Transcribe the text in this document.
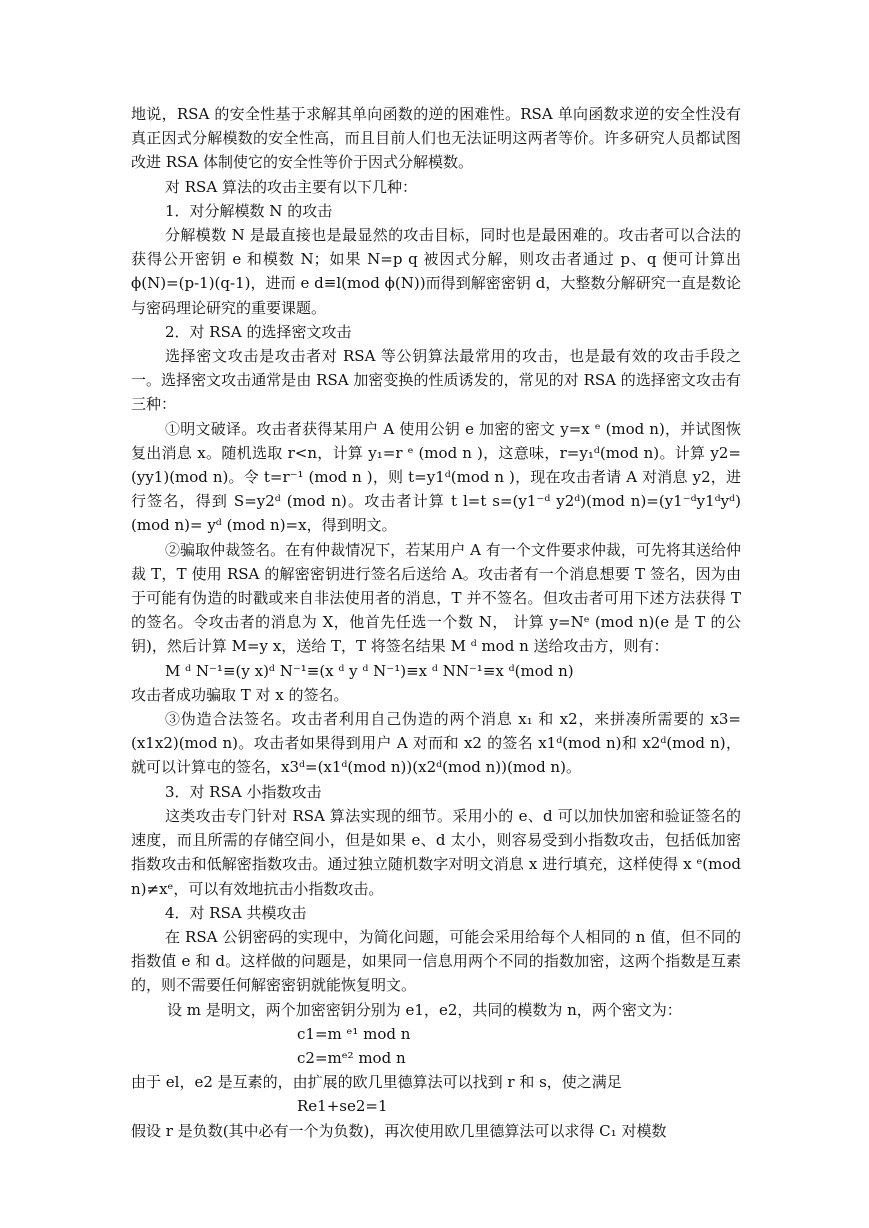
地说，RSA 的安全性基于求解其单向函数的逆的困难性。RSA 单向函数求逆的安全性没有真正因式分解模数的安全性高，而且目前人们也无法证明这两者等价。许多研究人员都试图改进 RSA 体制使它的安全性等价于因式分解模数。

对 RSA 算法的攻击主要有以下几种：

1．对分解模数 N 的攻击

分解模数 N 是最直接也是最显然的攻击目标，同时也是最困难的。攻击者可以合法的获得公开密钥 e 和模数 N；如果 N=p q 被因式分解，则攻击者通过 p、q 便可计算出 ϕ(N)=(p-1)(q-1)，进而 e d≡l(mod ϕ(N))而得到解密密钥 d，大整数分解研究一直是数论与密码理论研究的重要课题。

2．对 RSA 的选择密文攻击

选择密文攻击是攻击者对 RSA 等公钥算法最常用的攻击，也是最有效的攻击手段之一。选择密文攻击通常是由 RSA 加密变换的性质诱发的，常见的对 RSA 的选择密文攻击有三种：

①明文破译。攻击者获得某用户 A 使用公钥 e 加密的密文 y=x ᵉ (mod n)，并试图恢复出消息 x。随机选取 r<n，计算 y₁=r ᵉ (mod n )，这意味，r=y₁ᵈ(mod n)。计算 y2=(yy1)(mod n)。令 t=r⁻¹ (mod n )，则 t=y1ᵈ(mod n )，现在攻击者请 A 对消息 y2，进行签名，得到 S=y2ᵈ (mod n)。攻击者计算 t l=t s=(y1⁻ᵈ y2ᵈ)(mod n)=(y1⁻ᵈy1ᵈyᵈ)(mod n)= yᵈ (mod n)=x，得到明文。

②骗取仲裁签名。在有仲裁情况下，若某用户 A 有一个文件要求仲裁，可先将其送给仲裁 T，T 使用 RSA 的解密密钥进行签名后送给 A。攻击者有一个消息想要 T 签名，因为由于可能有伪造的时戳或来自非法使用者的消息，T 并不签名。但攻击者可用下述方法获得 T 的签名。令攻击者的消息为 X，他首先任选一个数 N， 计算 y=Nᵉ (mod n)(e 是 T 的公钥)，然后计算 M=y x，送给 T，T 将签名结果 M ᵈ mod n 送给攻击方，则有：

M ᵈ N⁻¹≡(y x)ᵈ N⁻¹≡(x ᵈ y ᵈ N⁻¹)≡x ᵈ NN⁻¹≡x ᵈ(mod n)

攻击者成功骗取 T 对 x 的签名。

③伪造合法签名。攻击者利用自己伪造的两个消息 x₁ 和 x2，来拼凑所需要的 x3=(x1x2)(mod n)。攻击者如果得到用户 A 对而和 x2 的签名 x1ᵈ(mod n)和 x2ᵈ(mod n)，就可以计算屯的签名，x3ᵈ=(x1ᵈ(mod n))(x2ᵈ(mod n))(mod n)。

3．对 RSA 小指数攻击

这类攻击专门针对 RSA 算法实现的细节。采用小的 e、d 可以加快加密和验证签名的速度，而且所需的存储空间小，但是如果 e、d 太小，则容易受到小指数攻击，包括低加密指数攻击和低解密指数攻击。通过独立随机数字对明文消息 x 进行填充，这样使得 x ᵉ(mod n)≠xᵉ，可以有效地抗击小指数攻击。

4．对 RSA 共模攻击

在 RSA 公钥密码的实现中，为简化问题，可能会采用给每个人相同的 n 值，但不同的指数值 e 和 d。这样做的问题是，如果同一信息用两个不同的指数加密，这两个指数是互素的，则不需要任何解密密钥就能恢复明文。

设 m 是明文，两个加密密钥分别为 e1，e2，共同的模数为 n，两个密文为：

c1=m ᵉ¹ mod n

c2=mᵉ² mod n

由于 el，e2 是互素的，由扩展的欧几里德算法可以找到 r 和 s，使之满足

Re1+se2=1

假设 r 是负数(其中必有一个为负数)，再次使用欧几里德算法可以求得 C₁ 对模数
